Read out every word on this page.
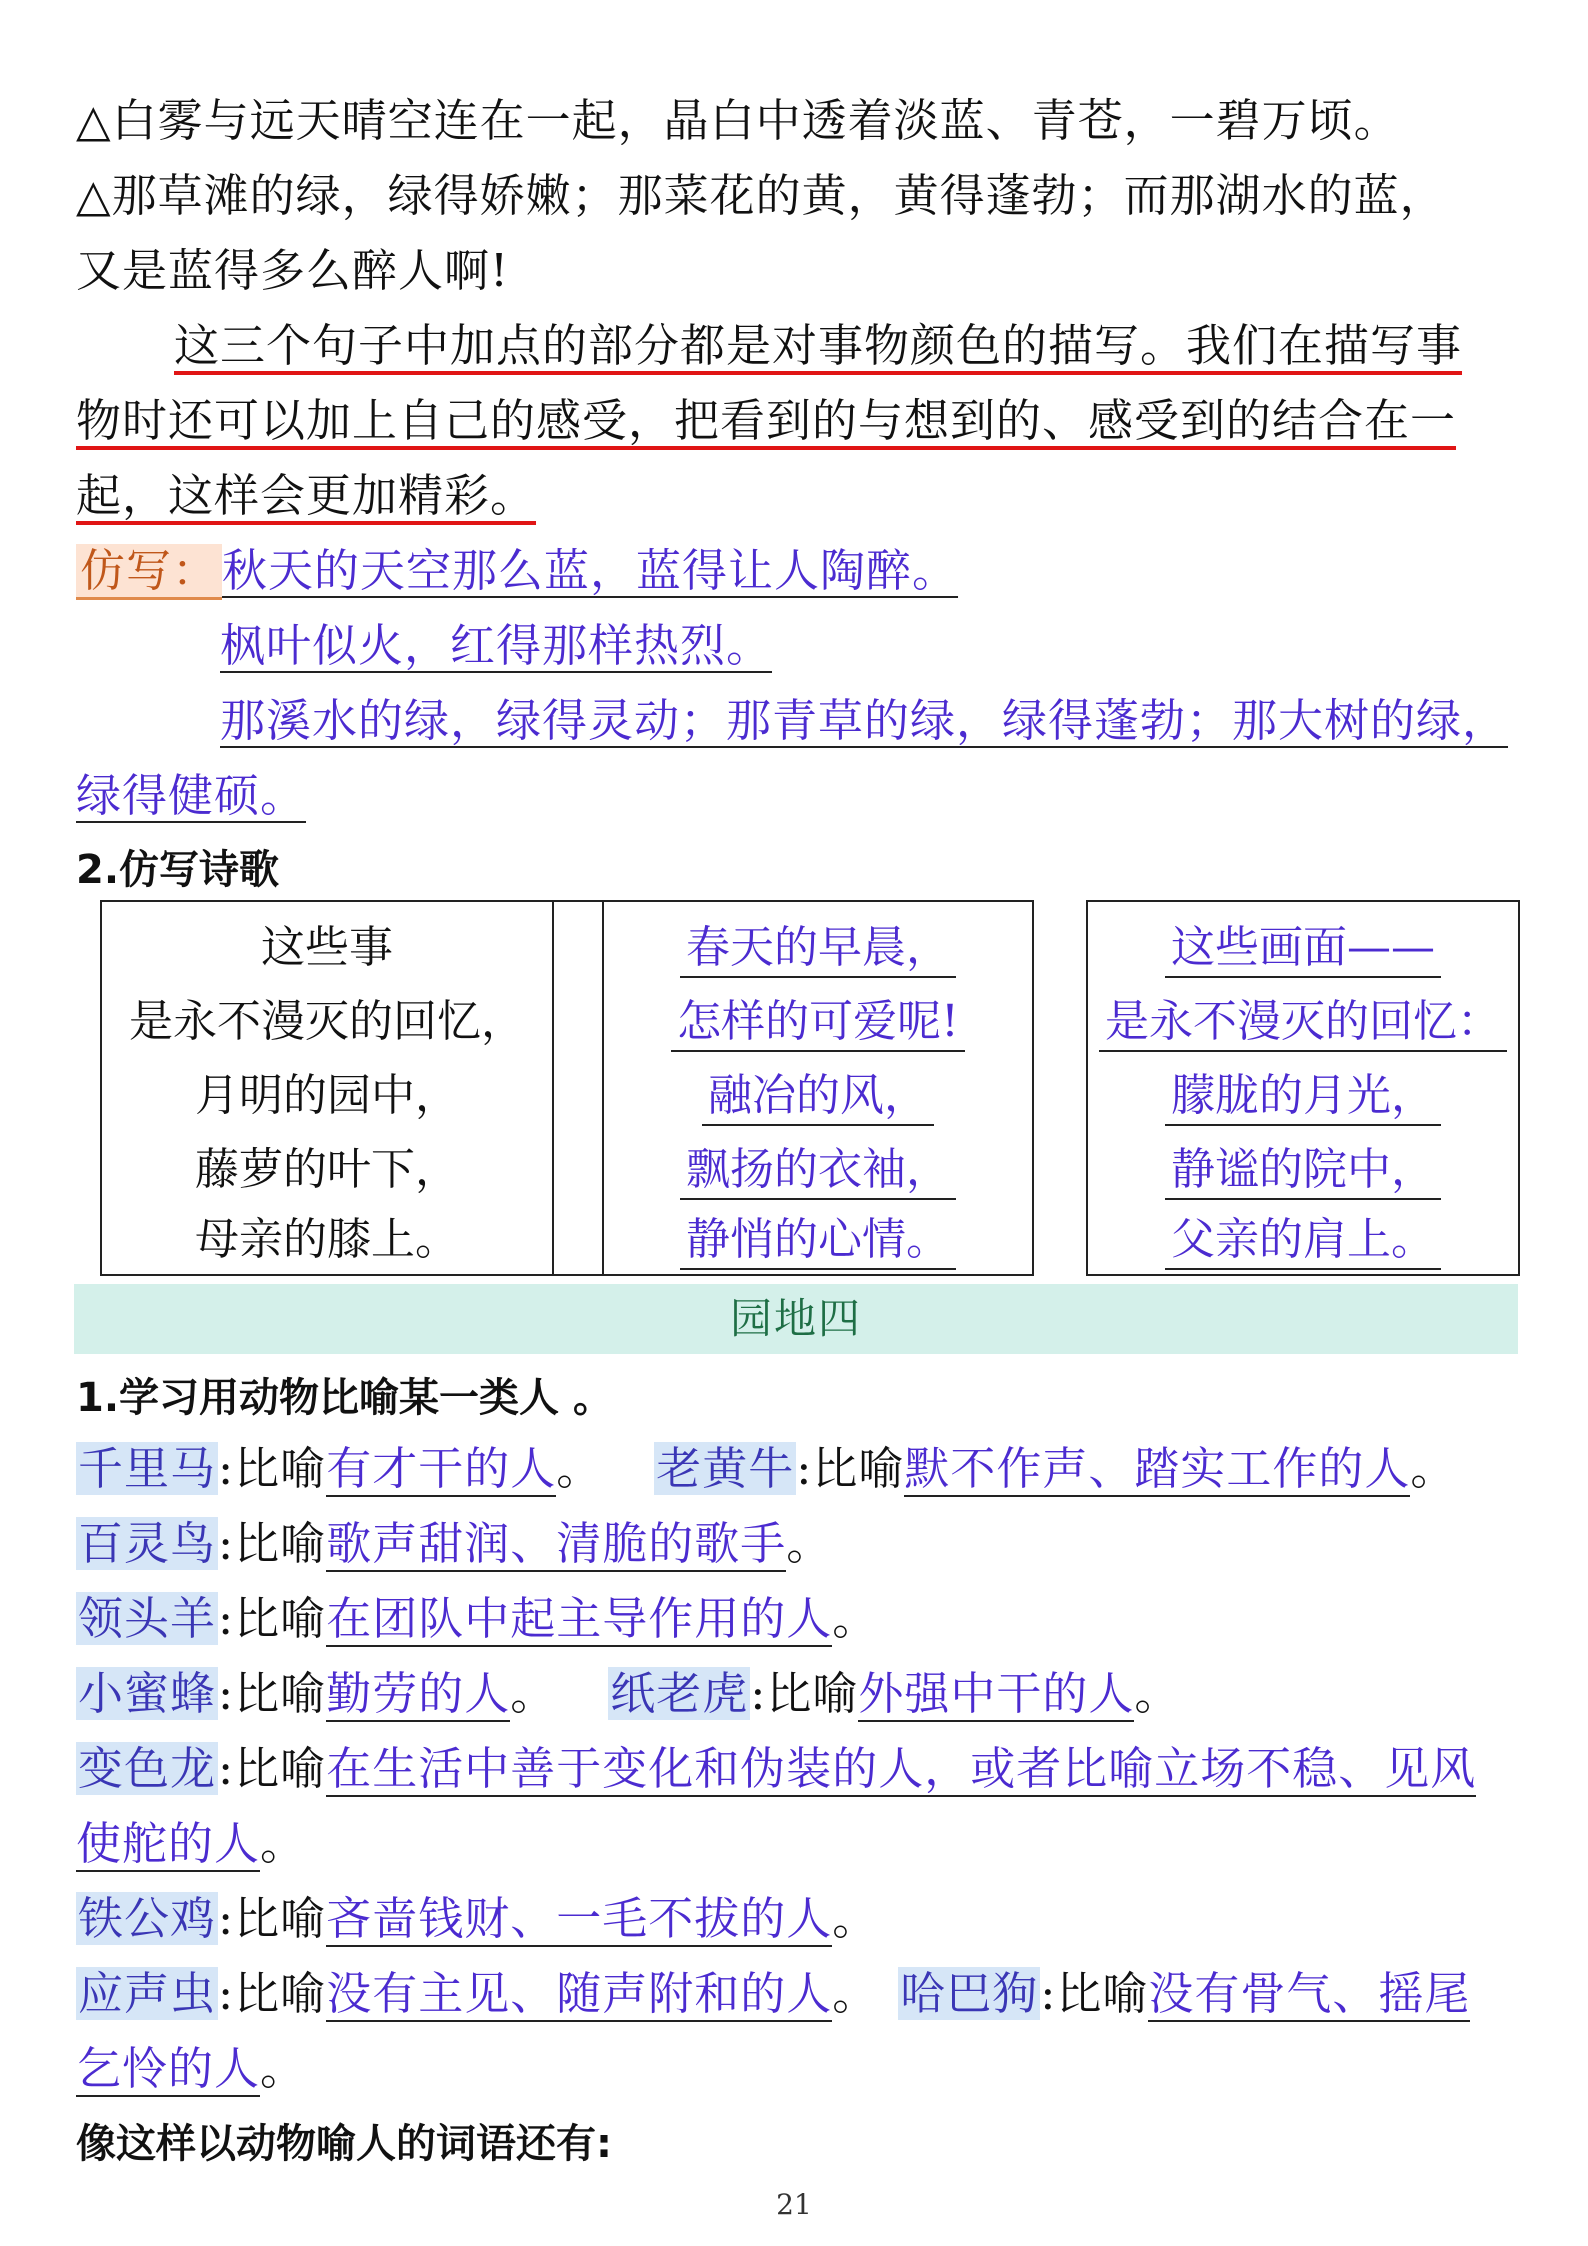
△白雾与远天晴空连在一起，晶白中透着淡蓝、青苍，一碧万顷。
△那草滩的绿，绿得娇嫩；那菜花的黄，黄得蓬勃；而那湖水的蓝，
又是蓝得多么醉人啊!
这三个句子中加点的部分都是对事物颜色的描写。我们在描写事
物时还可以加上自己的感受，把看到的与想到的、感受到的结合在一
起，这样会更加精彩。
仿写：秋天的天空那么蓝，蓝得让人陶醉。
枫叶似火，红得那样热烈。
那溪水的绿，绿得灵动；那青草的绿，绿得蓬勃；那大树的绿，
绿得健硕。
2.仿写诗歌
这些事
是永不漫灭的回忆，
月明的园中，
藤萝的叶下，
母亲的膝上。
春天的早晨，
怎样的可爱呢!
融冶的风，
飘扬的衣袖，
静悄的心情。
这些画面——
是永不漫灭的回忆：
朦胧的月光，
静谧的院中，
父亲的肩上。
园地四
1.学习用动物比喻某一类人 。
千里马:比喻有才干的人。 老黄牛:比喻默不作声、踏实工作的人。
百灵鸟:比喻歌声甜润、清脆的歌手。
领头羊:比喻在团队中起主导作用的人。
小蜜蜂:比喻勤劳的人。 纸老虎:比喻外强中干的人。
变色龙:比喻在生活中善于变化和伪装的人，或者比喻立场不稳、见风
使舵的人。
铁公鸡:比喻吝啬钱财、一毛不拔的人。
应声虫:比喻没有主见、随声附和的人。 哈巴狗:比喻没有骨气、摇尾
乞怜的人。
像这样以动物喻人的词语还有:
21
